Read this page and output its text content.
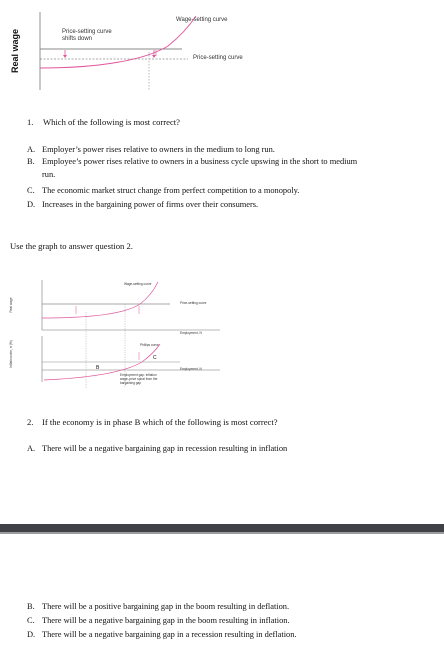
Real wage	Price-setting curve
shifts down
Wage-setting curve
Price-setting curve
1. Which of the following is most correct?
A. Employer’s power rises relative to owners in the medium to long run.
B. Employee’s power rises relative to owners in a business cycle upswing in the short to medium
run.
C. The economic market struct change from perfect competition to a monopoly.
D. Increases in the bargaining power of firms over their consumers.
Use the graph to answer question 2.
Real wage
Inflation rate, π (%)
Wage-setting curve
Price-setting curve
Employment, N
Phillips curve
Employment, N
C
B
Employment gap: inflation
wage–price spiral from the
bargaining gap
2. If the economy is in phase B which of the following is most correct?
A. There will be a negative bargaining gap in recession resulting in inflation
B. There will be a positive bargaining gap in the boom resulting in deflation.
C. There will be a negative bargaining gap in the boom resulting in inflation.
D. There will be a negative bargaining gap in a recession resulting in deflation.
